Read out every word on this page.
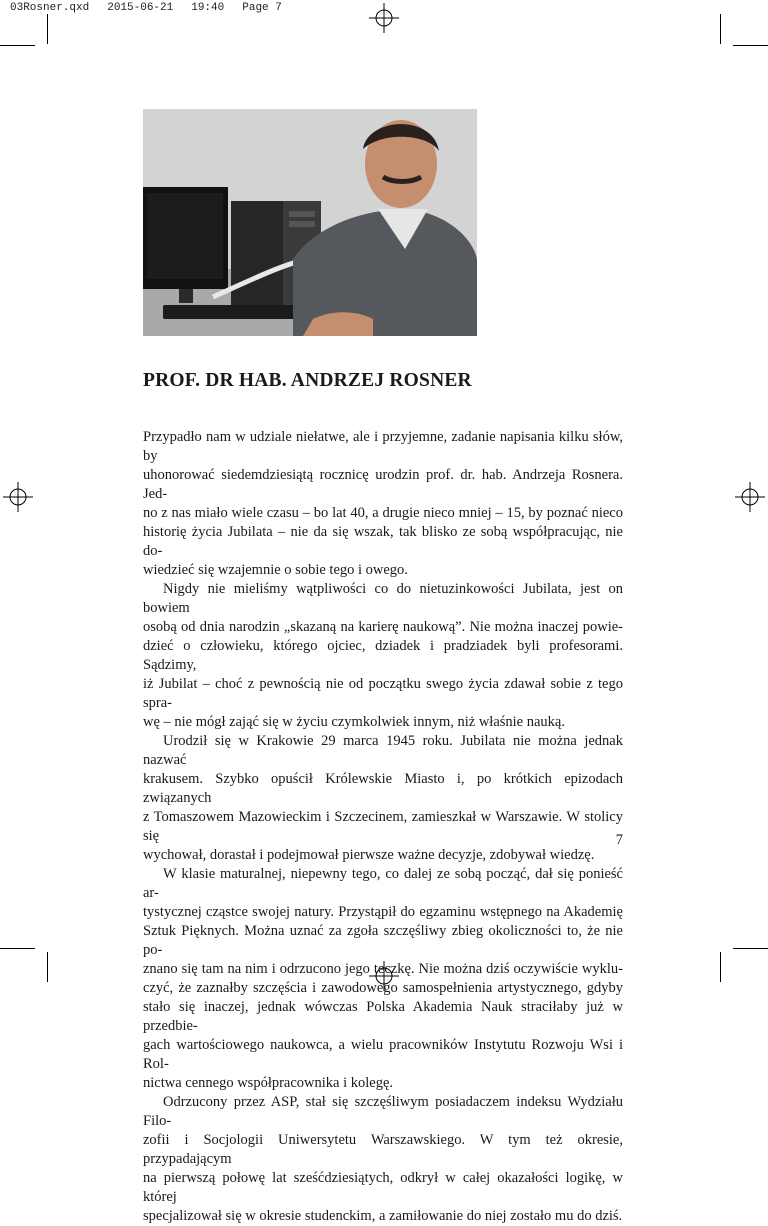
03Rosner.qxd 2015-06-21 19:40 Page 7
PROF. DR HAB. ANDRZEJ ROSNER

Przypadło nam w udziale niełatwe, ale i przyjemne, zadanie napisania kilku słów, by

uhonorować siedemdziesiątą rocznicę urodzin prof. dr. hab. Andrzeja Rosnera. Jed-

no z nas miało wiele czasu – bo lat 40, a drugie nieco mniej – 15, by poznać nieco

historię życia Jubilata – nie da się wszak, tak blisko ze sobą współpracując, nie do-

wiedzieć się wzajemnie o sobie tego i owego.

Nigdy nie mieliśmy wątpliwości co do nietuzinkowości Jubilata, jest on bowiem

osobą od dnia narodzin „skazaną na karierę naukową”. Nie można inaczej powie-

dzieć o człowieku, którego ojciec, dziadek i pradziadek byli profesorami. Sądzimy,

iż Jubilat – choć z pewnością nie od początku swego życia zdawał sobie z tego spra-

wę – nie mógł zająć się w życiu czymkolwiek innym, niż właśnie nauką.

Urodził się w Krakowie 29 marca 1945 roku. Jubilata nie można jednak nazwać

krakusem. Szybko opuścił Królewskie Miasto i, po krótkich epizodach związanych

z Tomaszowem Mazowieckim i Szczecinem, zamieszkał w Warszawie. W stolicy się

wychował, dorastał i podejmował pierwsze ważne decyzje, zdobywał wiedzę.

W klasie maturalnej, niepewny tego, co dalej ze sobą począć, dał się ponieść ar-

tystycznej cząstce swojej natury. Przystąpił do egzaminu wstępnego na Akademię

Sztuk Pięknych. Można uznać za zgoła szczęśliwy zbieg okoliczności to, że nie po-

znano się tam na nim i odrzucono jego teczkę. Nie można dziś oczywiście wyklu-

czyć, że zaznałby szczęścia i zawodowego samospełnienia artystycznego, gdyby

stało się inaczej, jednak wówczas Polska Akademia Nauk straciłaby już w przedbie-

gach wartościowego naukowca, a wielu pracowników Instytutu Rozwoju Wsi i Rol-

nictwa cennego współpracownika i kolegę.

Odrzucony przez ASP, stał się szczęśliwym posiadaczem indeksu Wydziału Filo-

zofii i Socjologii Uniwersytetu Warszawskiego. W tym też okresie, przypadającym

na pierwszą połowę lat sześćdziesiątych, odkrył w całej okazałości logikę, w której

specjalizował się w okresie studenckim, a zamiłowanie do niej zostało mu do dziś.

7
